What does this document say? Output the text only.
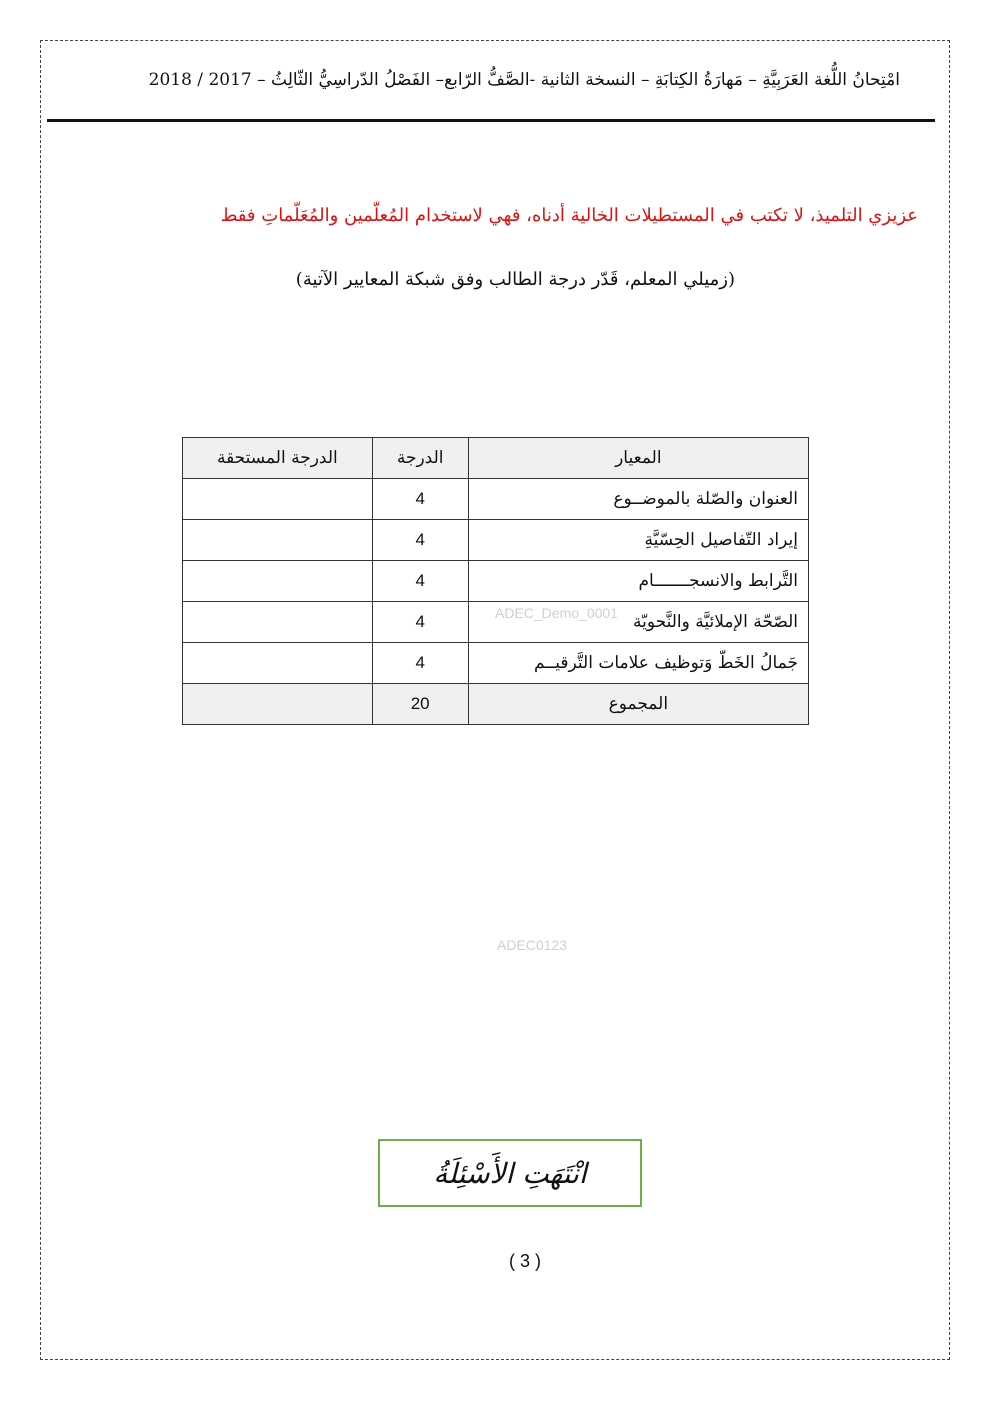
امْتِحانُ اللُّغة العَرَبِيَّةِ – مَهارَةُ الكِتابَةِ – النسخة الثانية -الصَّفُّ الرّابع– الفَصْلُ الدّراسِيُّ الثّالِثُ – 2017 / 2018
عزيزي التلميذ، لا تكتب في المستطيلات الخالية أدناه، فهي لاستخدام المُعلّمين والمُعَلّماتِ فقط
(زميلي المعلم، قَدّر درجة الطالب وفق شبكة المعايير الآتية)
المعيار	الدرجة	الدرجة المستحقة
العنوان والصّلة بالموضــوع	4	
إيراد التّفاصيل الحِسّيَّةِ	4	
التَّرابط والانسجـــــــام	4	
الصّحّة الإملائيَّة والنَّحويّة	4	
جَمالُ الخَطّ وَتوظيف علامات التَّرقيــم	4	
المجموع	20	
ADEC_Demo_0001
ADEC0123
انْتَهَتِ الأَسْئِلَةُ
( 3 )
